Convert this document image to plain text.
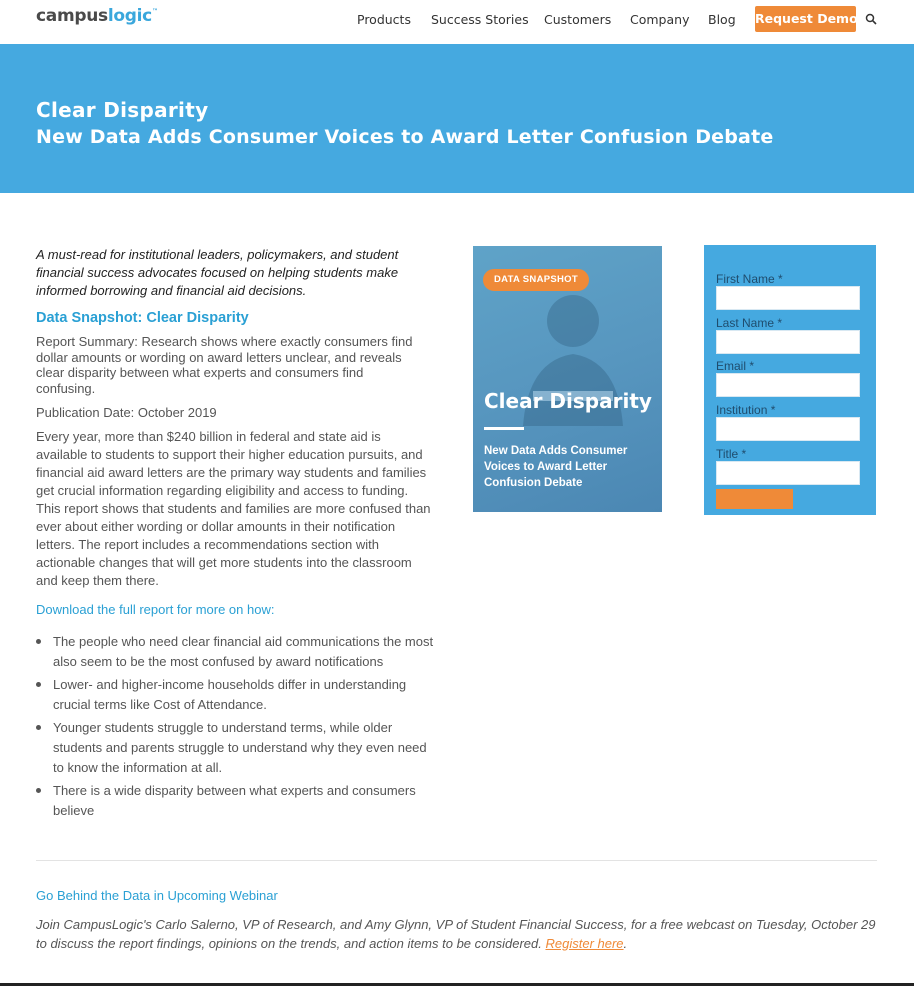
campuslogic™
Products Success Stories Customers Company Blog Request Demo
Clear Disparity
New Data Adds Consumer Voices to Award Letter Confusion Debate

A must-read for institutional leaders, policymakers, and student financial success advocates focused on helping students make informed borrowing and financial aid decisions.

Data Snapshot: Clear Disparity

Report Summary: Research shows where exactly consumers find dollar amounts or wording on award letters unclear, and reveals clear disparity between what experts and consumers find confusing.

Publication Date: October 2019

Every year, more than $240 billion in federal and state aid is available to students to support their higher education pursuits, and financial aid award letters are the primary way students and families get crucial information regarding eligibility and access to funding. This report shows that students and families are more confused than ever about either wording or dollar amounts in their notification letters. The report includes a recommendations section with actionable changes that will get more students into the classroom and keep them there.

Download the full report for more on how:
The people who need clear financial aid communications the most also seem to be the most confused by award notifications
Lower- and higher-income households differ in understanding crucial terms like Cost of Attendance.
Younger students struggle to understand terms, while older students and parents struggle to understand why they even need to know the information at all.
There is a wide disparity between what experts and consumers believe
DATA SNAPSHOT
Clear Disparity
New Data Adds Consumer Voices to Award Letter Confusion Debate
First Name *
Last Name *
Email *
Institution *
Title *
Go Behind the Data in Upcoming Webinar

Join CampusLogic's Carlo Salerno, VP of Research, and Amy Glynn, VP of Student Financial Success, for a free webcast on Tuesday, October 29 to discuss the report findings, opinions on the trends, and action items to be considered. Register here.
